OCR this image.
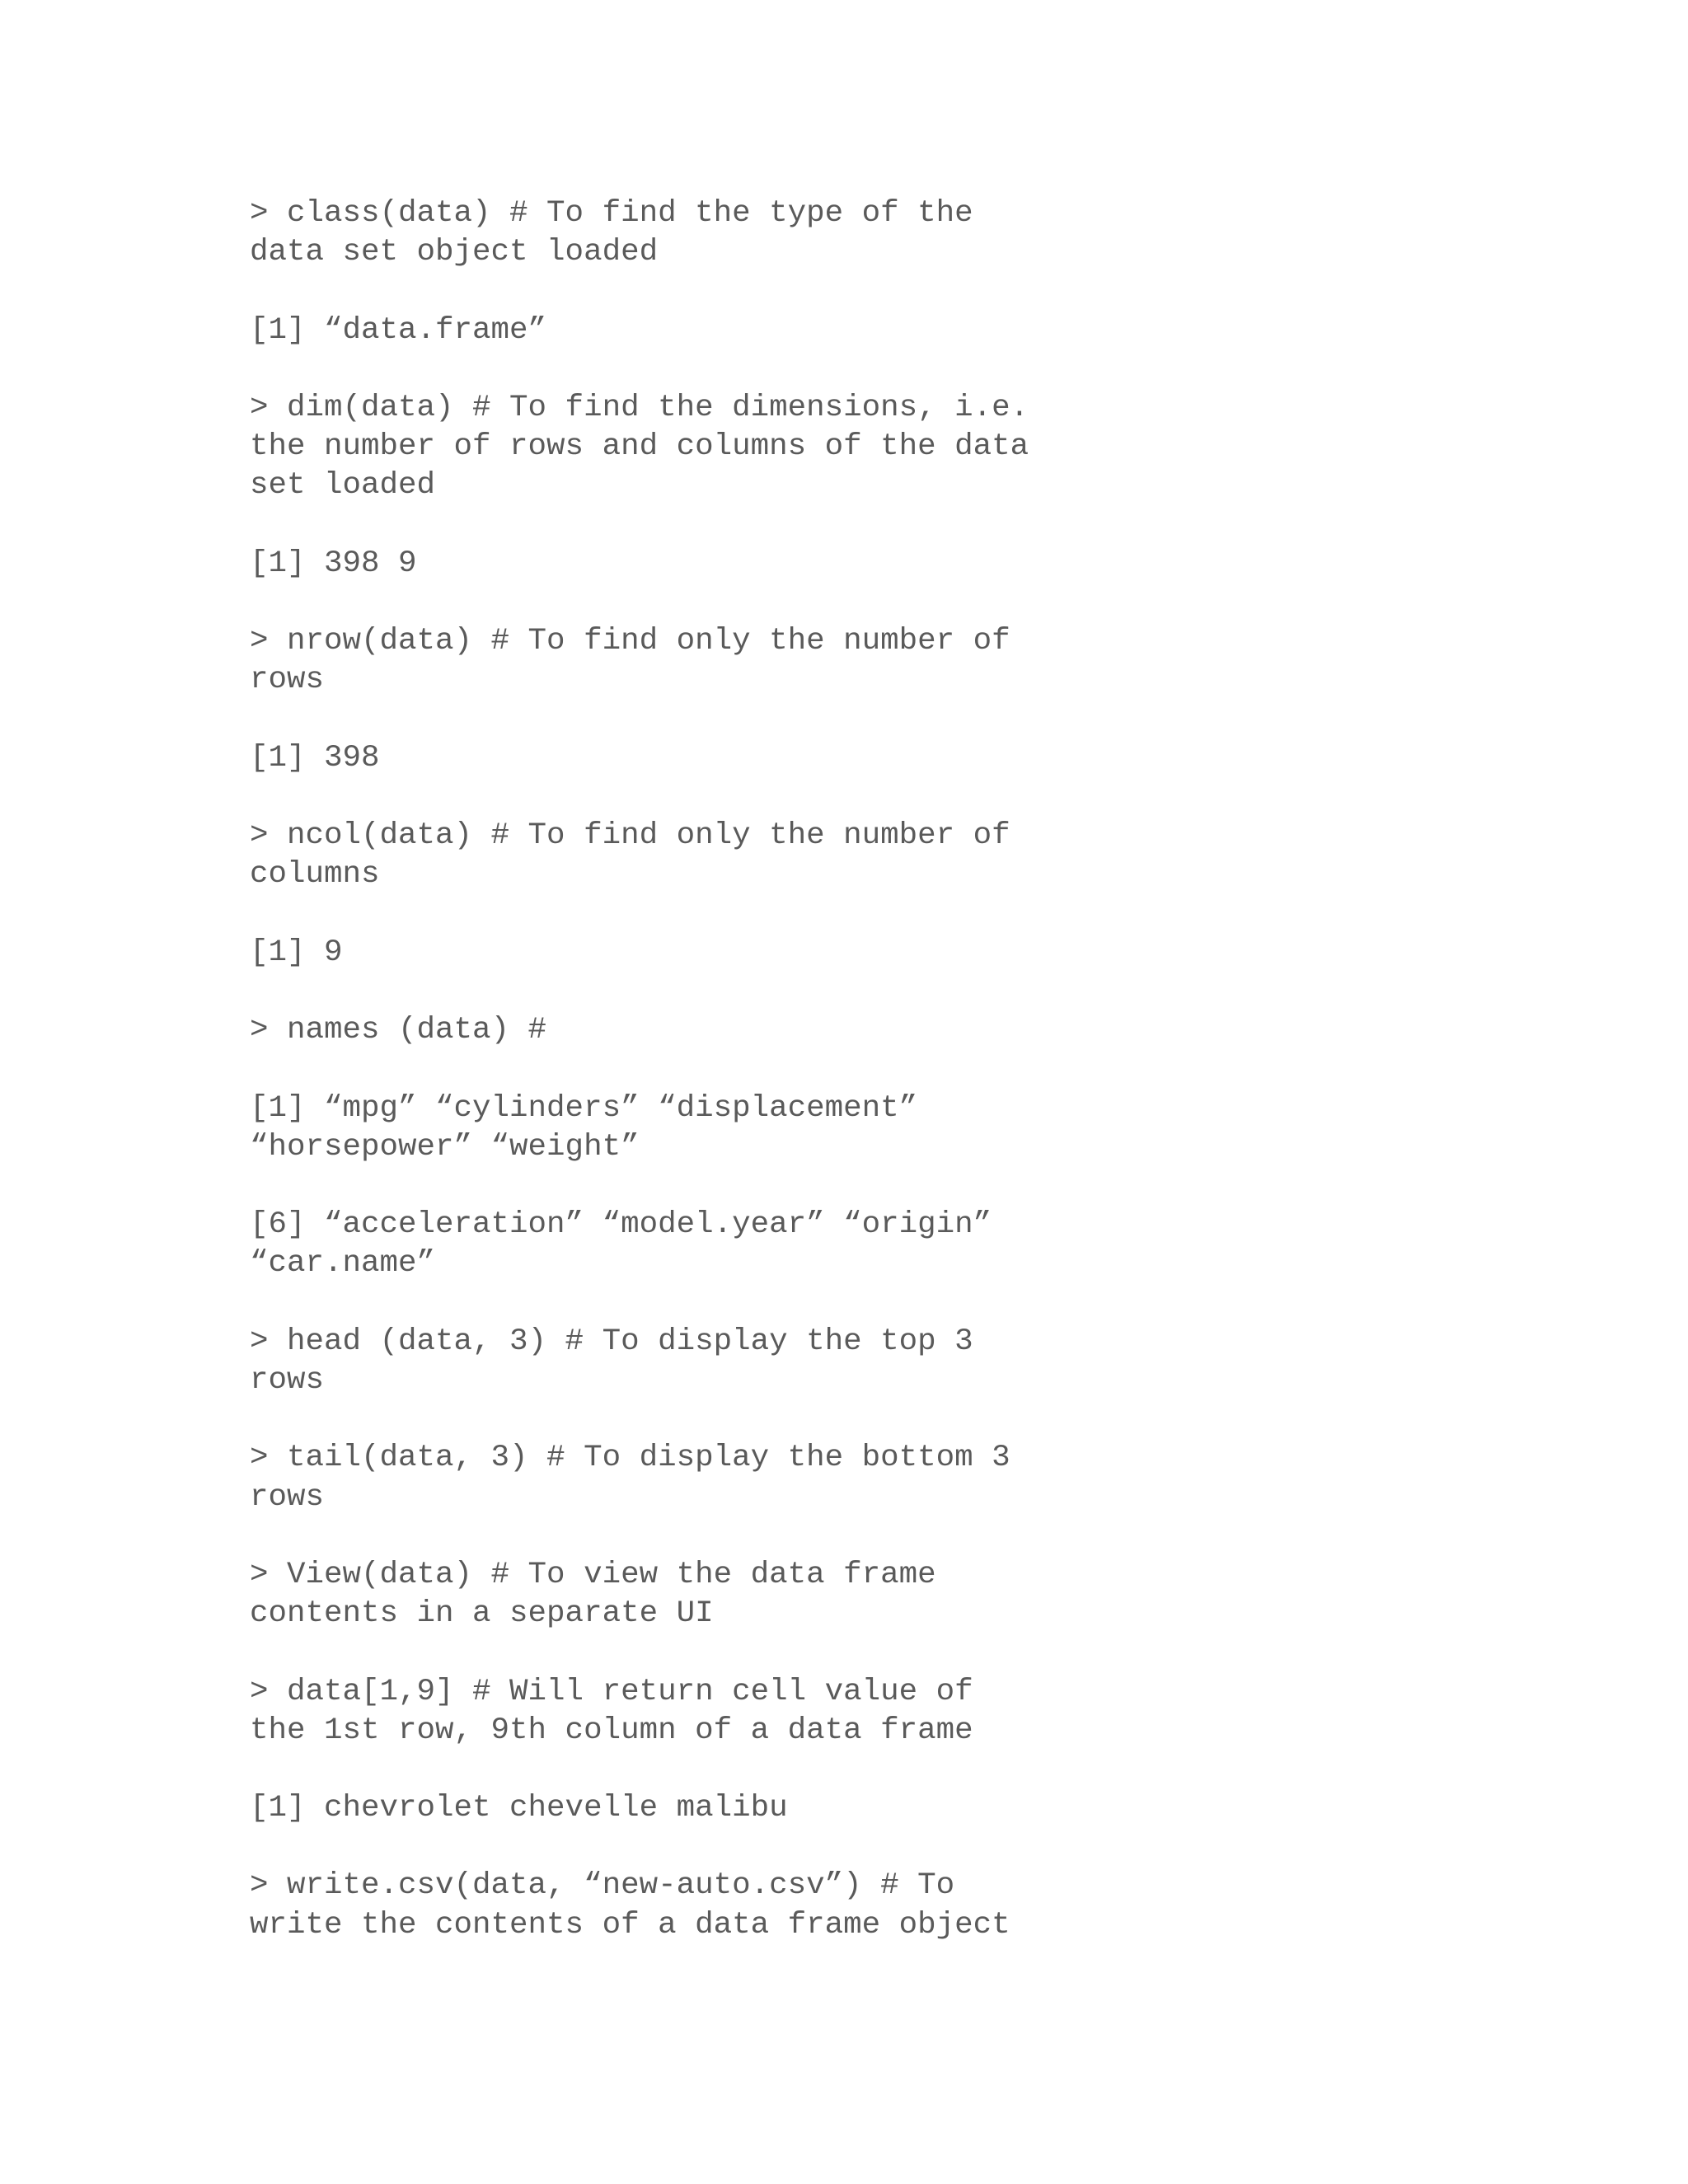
> class(data) # To find the type of the
data set object loaded
[1] “data.frame”
> dim(data) # To find the dimensions, i.e.
the number of rows and columns of the data
set loaded
[1] 398 9
> nrow(data) # To find only the number of
rows
[1] 398
> ncol(data) # To find only the number of
columns
[1] 9
> names (data) #
[1] “mpg” “cylinders” “displacement”
“horsepower” “weight”
[6] “acceleration” “model.year” “origin”
“car.name”
> head (data, 3) # To display the top 3
rows
> tail(data, 3) # To display the bottom 3
rows
> View(data) # To view the data frame
contents in a separate UI
> data[1,9] # Will return cell value of
the 1st row, 9th column of a data frame
[1] chevrolet chevelle malibu
> write.csv(data, “new-auto.csv”) # To
write the contents of a data frame object
